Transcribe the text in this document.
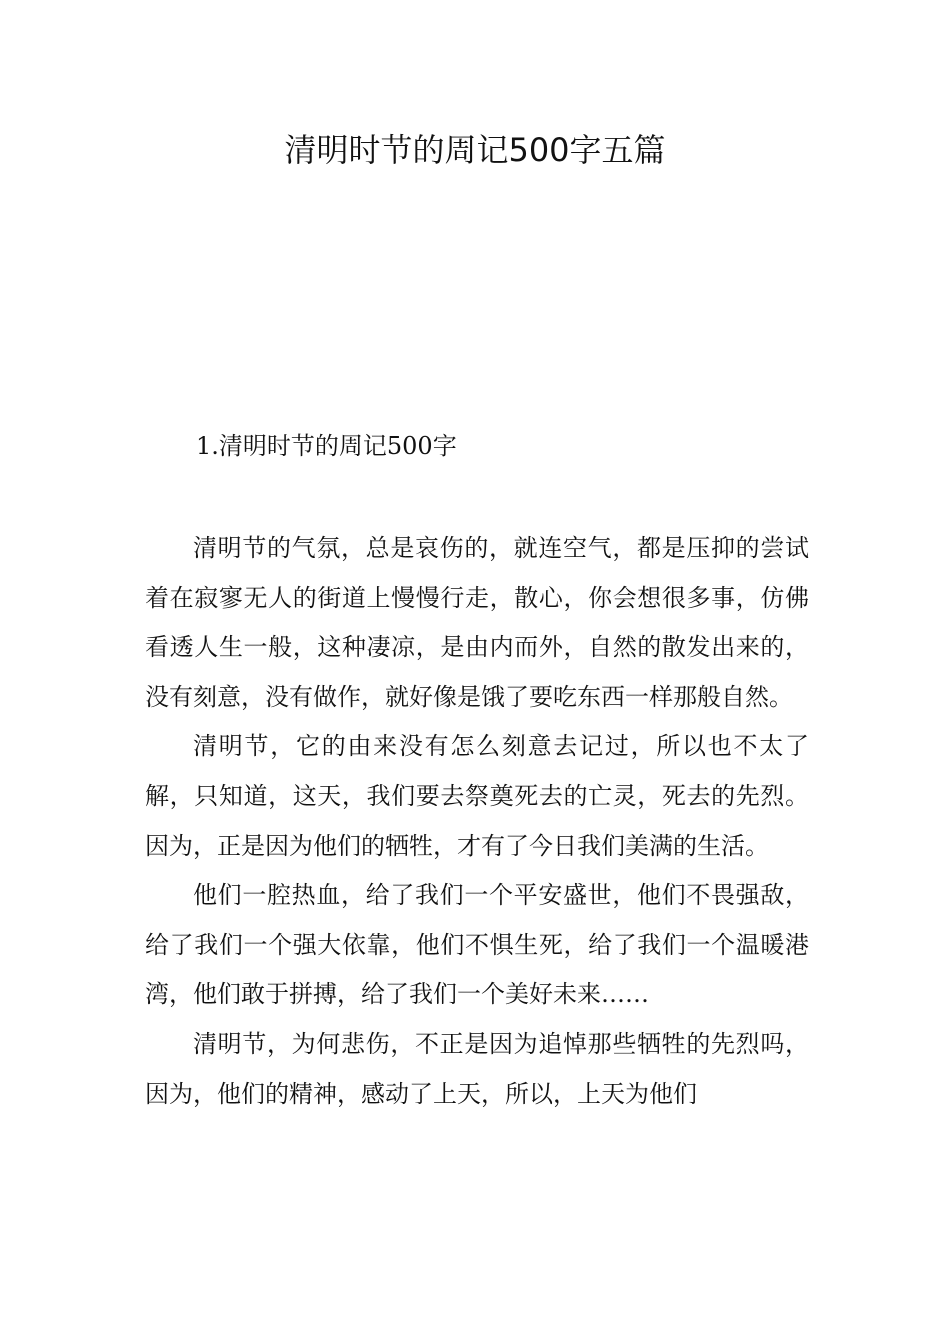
清明时节的周记500字五篇
1.清明时节的周记500字

清明节的气氛，总是哀伤的，就连空气，都是压抑的尝试着在寂寥无人的街道上慢慢行走，散心，你会想很多事，仿佛看透人生一般，这种凄凉，是由内而外，自然的散发出来的，没有刻意，没有做作，就好像是饿了要吃东西一样那般自然。

清明节，它的由来没有怎么刻意去记过，所以也不太了解，只知道，这天，我们要去祭奠死去的亡灵，死去的先烈。因为，正是因为他们的牺牲，才有了今日我们美满的生活。

他们一腔热血，给了我们一个平安盛世，他们不畏强敌，给了我们一个强大依靠，他们不惧生死，给了我们一个温暖港湾，他们敢于拼搏，给了我们一个美好未来……

清明节，为何悲伤，不正是因为追悼那些牺牲的先烈吗，因为，他们的精神，感动了上天，所以，上天为他们
